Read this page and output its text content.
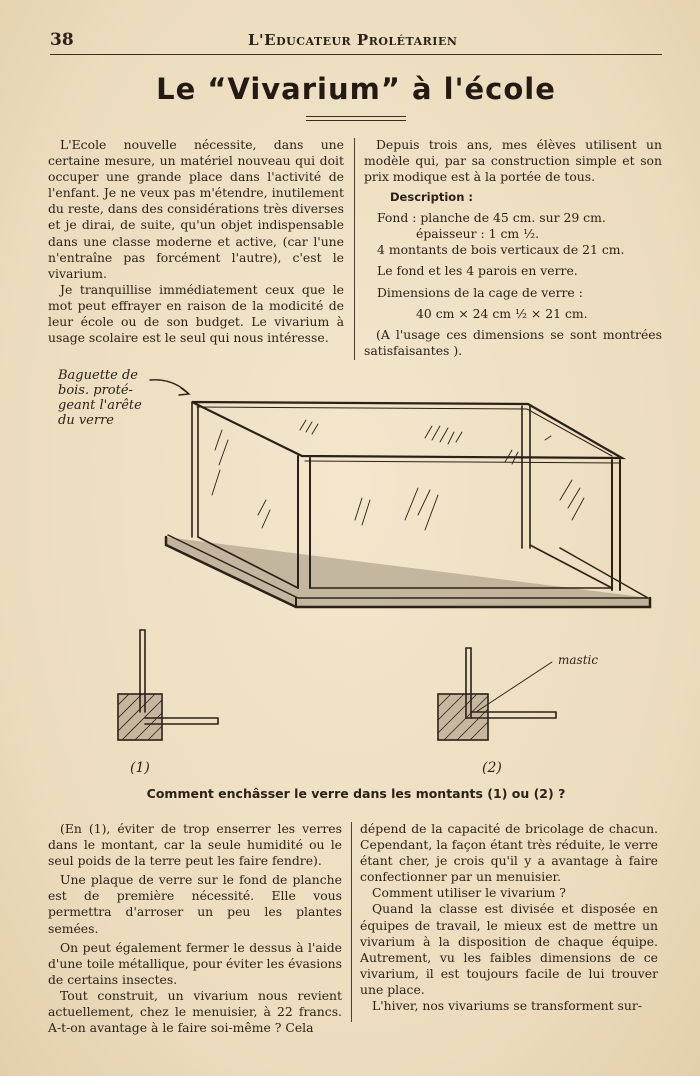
38	L'Educateur Prolétarien
Le “Vivarium” à l'école

L'Ecole nouvelle nécessite, dans une certaine mesure, un matériel nouveau qui doit occuper une grande place dans l'activité de l'enfant. Je ne veux pas m'étendre, inutilement du reste, dans des considérations très diverses et je dirai, de suite, qu'un objet indispensable dans une classe moderne et active, (car l'une n'entraîne pas forcément l'autre), c'est le vivarium.

Je tranquillise immédiatement ceux que le mot peut effrayer en raison de la modicité de leur école ou de son budget. Le vivarium à usage scolaire est le seul qui nous intéresse.

Depuis trois ans, mes élèves utilisent un modèle qui, par sa construction simple et son prix modique est à la portée de tous.

Description :
Fond : planche de 45 cm. sur 29 cm.
épaisseur : 1 cm ½.
4 montants de bois verticaux de 21 cm.
Le fond et les 4 parois en verre.
Dimensions de la cage de verre :
40 cm × 24 cm ½ × 21 cm.

(A l'usage ces dimensions se sont montrées satisfaisantes ).

Baguette de
bois. proté-
geant l'arête
du verre
mastic
(1)	(2)
Comment enchâsser le verre dans les montants (1) ou (2) ?

(En (1), éviter de trop enserrer les verres dans le montant, car la seule humidité ou le seul poids de la terre peut les faire fendre).

Une plaque de verre sur le fond de planche est de première nécessité. Elle vous permettra d'arroser un peu les plantes semées.

On peut également fermer le dessus à l'aide d'une toile métallique, pour éviter les évasions de certains insectes.

Tout construit, un vivarium nous revient actuellement, chez le menuisier, à 22 francs. A-t-on avantage à le faire soi-même ? Cela

dépend de la capacité de bricolage de chacun. Cependant, la façon étant très réduite, le verre étant cher, je crois qu'il y a avantage à faire confectionner par un menuisier.

Comment utiliser le vivarium ?

Quand la classe est divisée et disposée en équipes de travail, le mieux est de mettre un vivarium à la disposition de chaque équipe. Autrement, vu les faibles dimensions de ce vivarium, il est toujours facile de lui trouver une place.

L'hiver, nos vivariums se transforment sur-
